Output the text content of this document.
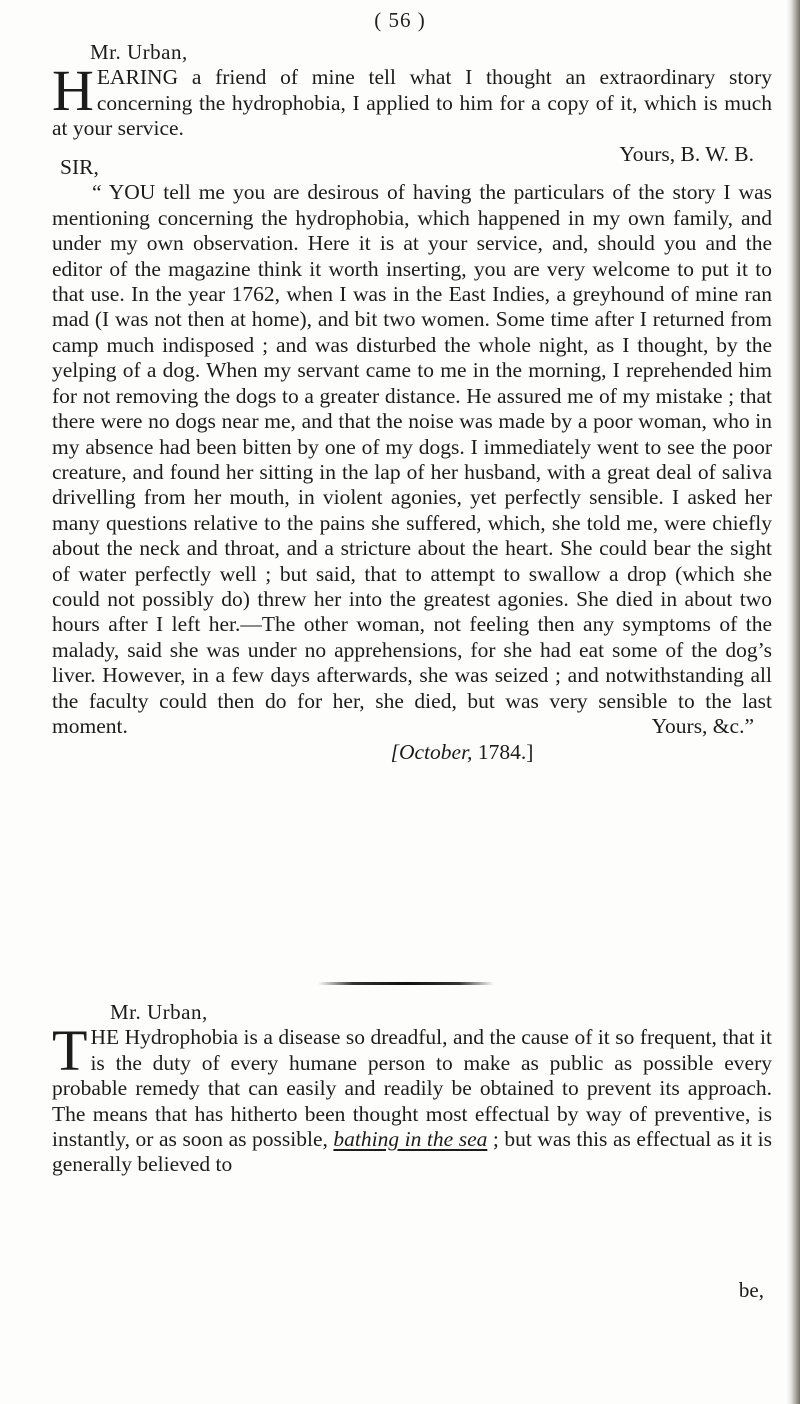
( 56 )
Mr. Urban,
HEARING a friend of mine tell what I thought an extraordinary story concerning the hydrophobia, I applied to him for a copy of it, which is much at your service.
Yours, B. W. B.
SIR,
“ YOU tell me you are desirous of having the particulars of the story I was mentioning concerning the hydrophobia, which happened in my own family, and under my own observation. Here it is at your service, and, should you and the editor of the magazine think it worth inserting, you are very welcome to put it to that use. In the year 1762, when I was in the East Indies, a greyhound of mine ran mad (I was not then at home), and bit two women. Some time after I returned from camp much indisposed ; and was disturbed the whole night, as I thought, by the yelping of a dog. When my servant came to me in the morning, I reprehended him for not removing the dogs to a greater distance. He assured me of my mistake ; that there were no dogs near me, and that the noise was made by a poor woman, who in my absence had been bitten by one of my dogs. I immediately went to see the poor creature, and found her sitting in the lap of her husband, with a great deal of saliva drivelling from her mouth, in violent agonies, yet perfectly sensible. I asked her many questions relative to the pains she suffered, which, she told me, were chiefly about the neck and throat, and a stricture about the heart. She could bear the sight of water perfectly well ; but said, that to attempt to swallow a drop (which she could not possibly do) threw her into the greatest agonies. She died in about two hours after I left her.—The other woman, not feeling then any symptoms of the malady, said she was under no apprehensions, for she had eat some of the dog’s liver. However, in a few days afterwards, she was seized ; and notwithstanding all the faculty could then do for her, she died, but was very sensible to the last moment.	Yours, &c.”
[October, 1784.]
Mr. Urban,
THE Hydrophobia is a disease so dreadful, and the cause of it so frequent, that it is the duty of every humane person to make as public as possible every probable remedy that can easily and readily be obtained to prevent its approach. The means that has hitherto been thought most effectual by way of preventive, is instantly, or as soon as possible, bathing in the sea ; but was this as effectual as it is generally believed to
be,
